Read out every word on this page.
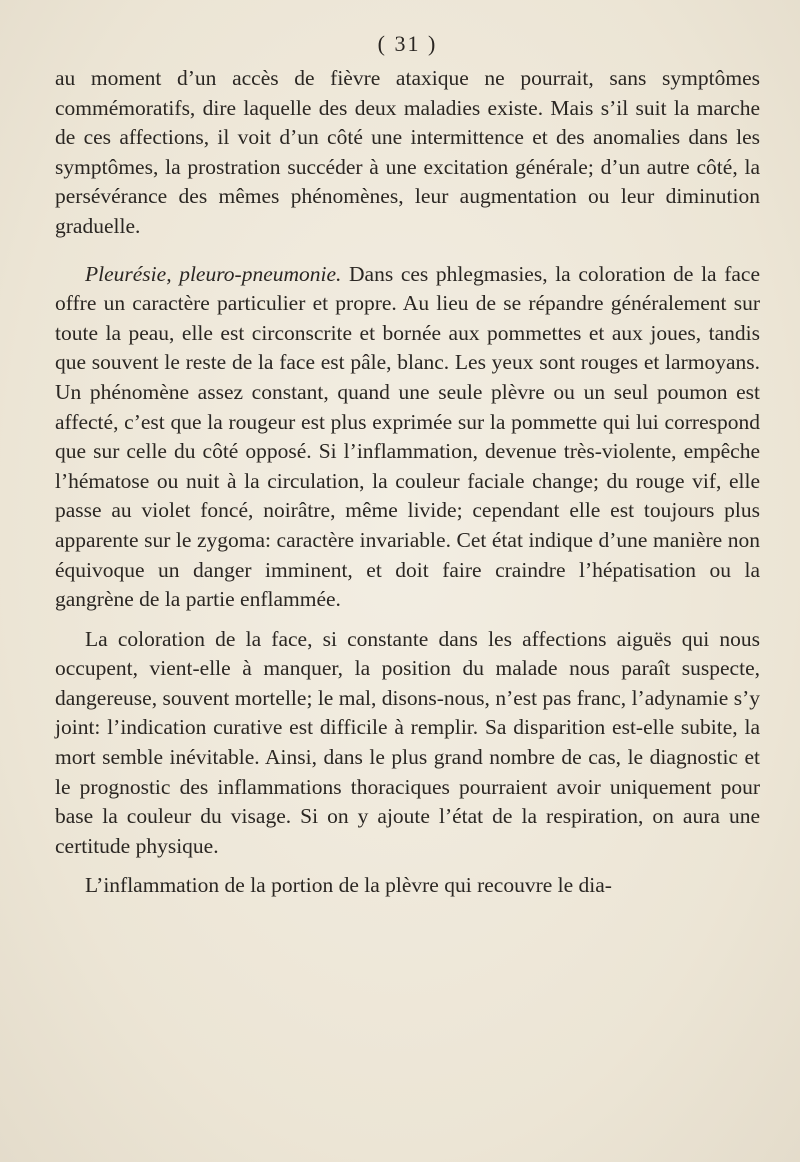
( 31 )

au moment d’un accès de fièvre ataxique ne pourrait, sans symptômes commémoratifs, dire laquelle des deux maladies existe. Mais s’il suit la marche de ces affections, il voit d’un côté une intermittence et des anomalies dans les symptômes, la prostration succéder à une excitation générale; d’un autre côté, la persévérance des mêmes phénomènes, leur augmentation ou leur diminution graduelle.

Pleurésie, pleuro-pneumonie. Dans ces phlegmasies, la coloration de la face offre un caractère particulier et propre. Au lieu de se répandre généralement sur toute la peau, elle est circonscrite et bornée aux pommettes et aux joues, tandis que souvent le reste de la face est pâle, blanc. Les yeux sont rouges et larmoyans. Un phénomène assez constant, quand une seule plèvre ou un seul poumon est affecté, c’est que la rougeur est plus exprimée sur la pommette qui lui correspond que sur celle du côté opposé. Si l’inflammation, devenue très-violente, empêche l’hématose ou nuit à la circulation, la couleur faciale change; du rouge vif, elle passe au violet foncé, noirâtre, même livide; cependant elle est toujours plus apparente sur le zygoma: caractère invariable. Cet état indique d’une manière non équivoque un danger imminent, et doit faire craindre l’hépatisation ou la gangrène de la partie enflammée.

La coloration de la face, si constante dans les affections aiguës qui nous occupent, vient-elle à manquer, la position du malade nous paraît suspecte, dangereuse, souvent mortelle; le mal, disons-nous, n’est pas franc, l’adynamie s’y joint: l’indication curative est difficile à remplir. Sa disparition est-elle subite, la mort semble inévitable. Ainsi, dans le plus grand nombre de cas, le diagnostic et le prognostic des inflammations thoraciques pourraient avoir uniquement pour base la couleur du visage. Si on y ajoute l’état de la respiration, on aura une certitude physique.

L’inflammation de la portion de la plèvre qui recouvre le dia-
